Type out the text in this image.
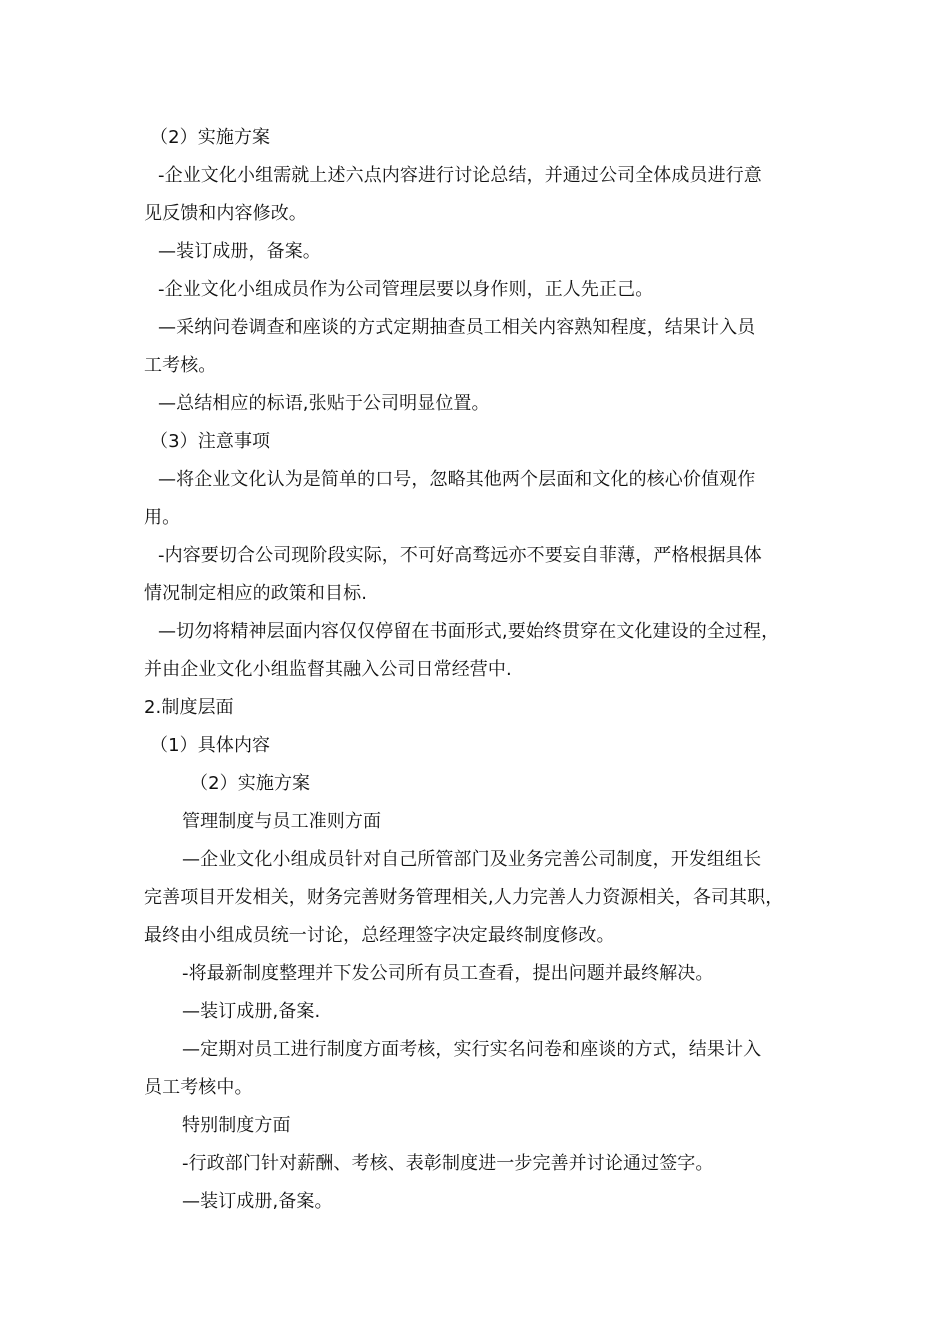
（2）实施方案
-企业文化小组需就上述六点内容进行讨论总结，并通过公司全体成员进行意
见反馈和内容修改。
—装订成册，备案。
-企业文化小组成员作为公司管理层要以身作则，正人先正己。
—采纳问卷调查和座谈的方式定期抽查员工相关内容熟知程度，结果计入员
工考核。
—总结相应的标语,张贴于公司明显位置。
（3）注意事项
—将企业文化认为是简单的口号，忽略其他两个层面和文化的核心价值观作
用。
-内容要切合公司现阶段实际，不可好高骛远亦不要妄自菲薄，严格根据具体
情况制定相应的政策和目标.
—切勿将精神层面内容仅仅停留在书面形式,要始终贯穿在文化建设的全过程，
并由企业文化小组监督其融入公司日常经营中.
2.制度层面
（1）具体内容
（2）实施方案
管理制度与员工准则方面
—企业文化小组成员针对自己所管部门及业务完善公司制度，开发组组长
完善项目开发相关，财务完善财务管理相关,人力完善人力资源相关，各司其职，
最终由小组成员统一讨论，总经理签字决定最终制度修改。
-将最新制度整理并下发公司所有员工查看，提出问题并最终解决。
—装订成册,备案.
—定期对员工进行制度方面考核，实行实名问卷和座谈的方式，结果计入
员工考核中。
特别制度方面
-行政部门针对薪酬、考核、表彰制度进一步完善并讨论通过签字。
—装订成册,备案。
